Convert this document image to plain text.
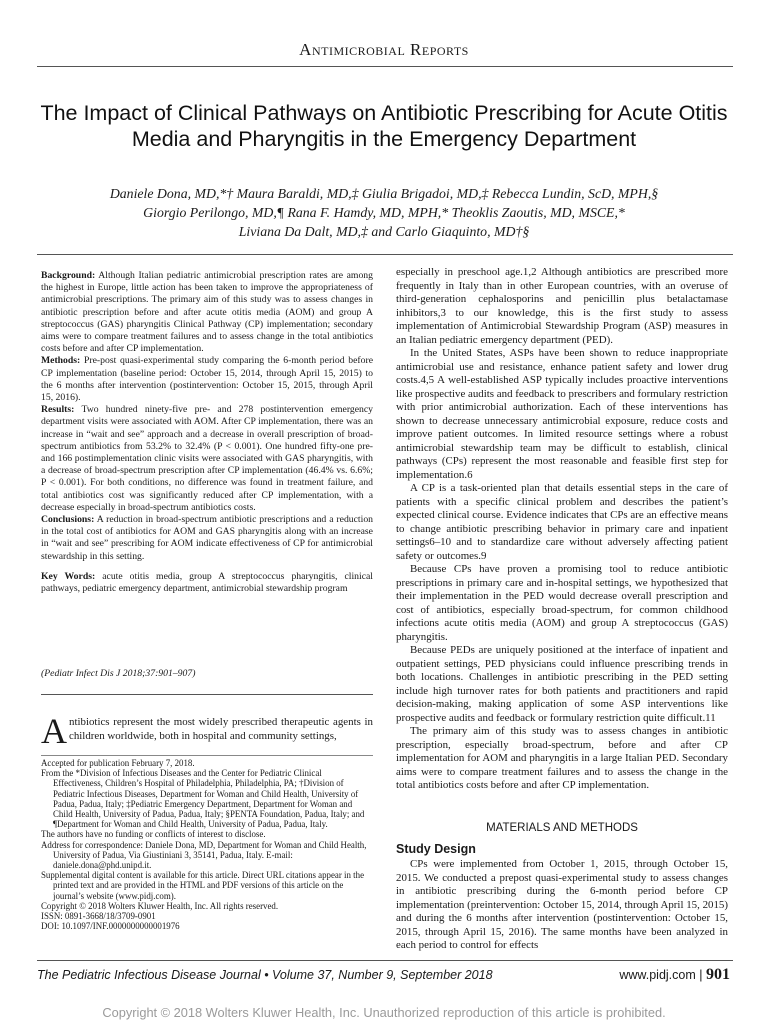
Antimicrobial Reports
The Impact of Clinical Pathways on Antibiotic Prescribing for Acute Otitis Media and Pharyngitis in the Emergency Department
Daniele Dona, MD,*† Maura Baraldi, MD,‡ Giulia Brigadoi, MD,‡ Rebecca Lundin, ScD, MPH,§
Giorgio Perilongo, MD,¶ Rana F. Hamdy, MD, MPH,* Theoklis Zaoutis, MD, MSCE,*
Liviana Da Dalt, MD,‡ and Carlo Giaquinto, MD†§

Background: Although Italian pediatric antimicrobial prescription rates are among the highest in Europe, little action has been taken to improve the appropriateness of antimicrobial prescriptions. The primary aim of this study was to assess changes in antibiotic prescription before and after acute otitis media (AOM) and group A streptococcus (GAS) pharyngitis Clinical Pathway (CP) implementation; secondary aims were to compare treatment failures and to assess change in the total antibiotics costs before and after CP implementation.

Methods: Pre-post quasi-experimental study comparing the 6-month period before CP implementation (baseline period: October 15, 2014, through April 15, 2015) to the 6 months after intervention (postintervention: October 15, 2015, through April 15, 2016).

Results: Two hundred ninety-five pre- and 278 postintervention emergency department visits were associated with AOM. After CP implementation, there was an increase in “wait and see” approach and a decrease in overall prescription of broad-spectrum antibiotics from 53.2% to 32.4% (P < 0.001). One hundred fifty-one pre- and 166 postimplementation clinic visits were associated with GAS pharyngitis, with a decrease of broad-spectrum prescription after CP implementation (46.4% vs. 6.6%; P < 0.001). For both conditions, no difference was found in treatment failure, and total antibiotics cost was significantly reduced after CP implementation, with a decrease especially in broad-spectrum antibiotics costs.

Conclusions: A reduction in broad-spectrum antibiotic prescriptions and a reduction in the total cost of antibiotics for AOM and GAS pharyngitis along with an increase in “wait and see” prescribing for AOM indicate effectiveness of CP for antimicrobial stewardship in this setting.

Key Words: acute otitis media, group A streptococcus pharyngitis, clinical pathways, pediatric emergency department, antimicrobial stewardship program

(Pediatr Infect Dis J 2018;37:901–907)
Antibiotics represent the most widely prescribed therapeutic agents in children worldwide, both in hospital and community settings,

Accepted for publication February 7, 2018.

From the *Division of Infectious Diseases and the Center for Pediatric Clinical Effectiveness, Children’s Hospital of Philadelphia, Philadelphia, PA; †Division of Pediatric Infectious Diseases, Department for Woman and Child Health, University of Padua, Padua, Italy; ‡Pediatric Emergency Department, Department for Woman and Child Health, University of Padua, Padua, Italy; §PENTA Foundation, Padua, Italy; and ¶Department for Woman and Child Health, University of Padua, Padua, Italy.

The authors have no funding or conflicts of interest to disclose.

Address for correspondence: Daniele Dona, MD, Department for Woman and Child Health, University of Padua, Via Giustiniani 3, 35141, Padua, Italy. E-mail: daniele.dona@phd.unipd.it.

Supplemental digital content is available for this article. Direct URL citations appear in the printed text and are provided in the HTML and PDF versions of this article on the journal’s website (www.pidj.com).

Copyright © 2018 Wolters Kluwer Health, Inc. All rights reserved.

ISSN: 0891-3668/18/3709-0901

DOI: 10.1097/INF.0000000000001976

especially in preschool age.1,2 Although antibiotics are prescribed more frequently in Italy than in other European countries, with an overuse of third-generation cephalosporins and penicillin plus betalactamase inhibitors,3 to our knowledge, this is the first study to assess implementation of Antimicrobial Stewardship Program (ASP) measures in an Italian pediatric emergency department (PED).

In the United States, ASPs have been shown to reduce inappropriate antimicrobial use and resistance, enhance patient safety and lower drug costs.4,5 A well-established ASP typically includes proactive interventions like prospective audits and feedback to prescribers and formulary restriction with prior antimicrobial authorization. Each of these interventions has shown to decrease unnecessary antimicrobial exposure, reduce costs and improve patient outcomes. In limited resource settings where a robust antimicrobial stewardship team may be difficult to establish, clinical pathways (CPs) represent the most reasonable and feasible first step for implementation.6

A CP is a task-oriented plan that details essential steps in the care of patients with a specific clinical problem and describes the patient’s expected clinical course. Evidence indicates that CPs are an effective means to change antibiotic prescribing behavior in primary care and inpatient settings6–10 and to standardize care without adversely affecting patient safety or outcomes.9

Because CPs have proven a promising tool to reduce antibiotic prescriptions in primary care and in-hospital settings, we hypothesized that their implementation in the PED would decrease overall prescription and cost of antibiotics, especially broad-spectrum, for common childhood infections acute otitis media (AOM) and group A streptococcus (GAS) pharyngitis.

Because PEDs are uniquely positioned at the interface of inpatient and outpatient settings, PED physicians could influence prescribing trends in both locations. Challenges in antibiotic prescribing in the PED setting include high turnover rates for both patients and practitioners and rapid decision-making, making application of some ASP interventions like prospective audits and feedback or formulary restriction quite difficult.11

The primary aim of this study was to assess changes in antibiotic prescription, especially broad-spectrum, before and after CP implementation for AOM and pharyngitis in a large Italian PED. Secondary aims were to compare treatment failures and to assess the change in the total antibiotics costs before and after CP implementation.

MATERIALS AND METHODS
Study Design

CPs were implemented from October 1, 2015, through October 15, 2015. We conducted a prepost quasi-experimental study to assess changes in antibiotic prescribing during the 6-month period before CP implementation (preintervention: October 15, 2014, through April 15, 2015) and during the 6 months after intervention (postintervention: October 15, 2015, through April 15, 2016). The same months have been analyzed in each period to control for effects

The Pediatric Infectious Disease Journal • Volume 37, Number 9, September 2018	www.pidj.com | 901
Copyright © 2018 Wolters Kluwer Health, Inc. Unauthorized reproduction of this article is prohibited.
